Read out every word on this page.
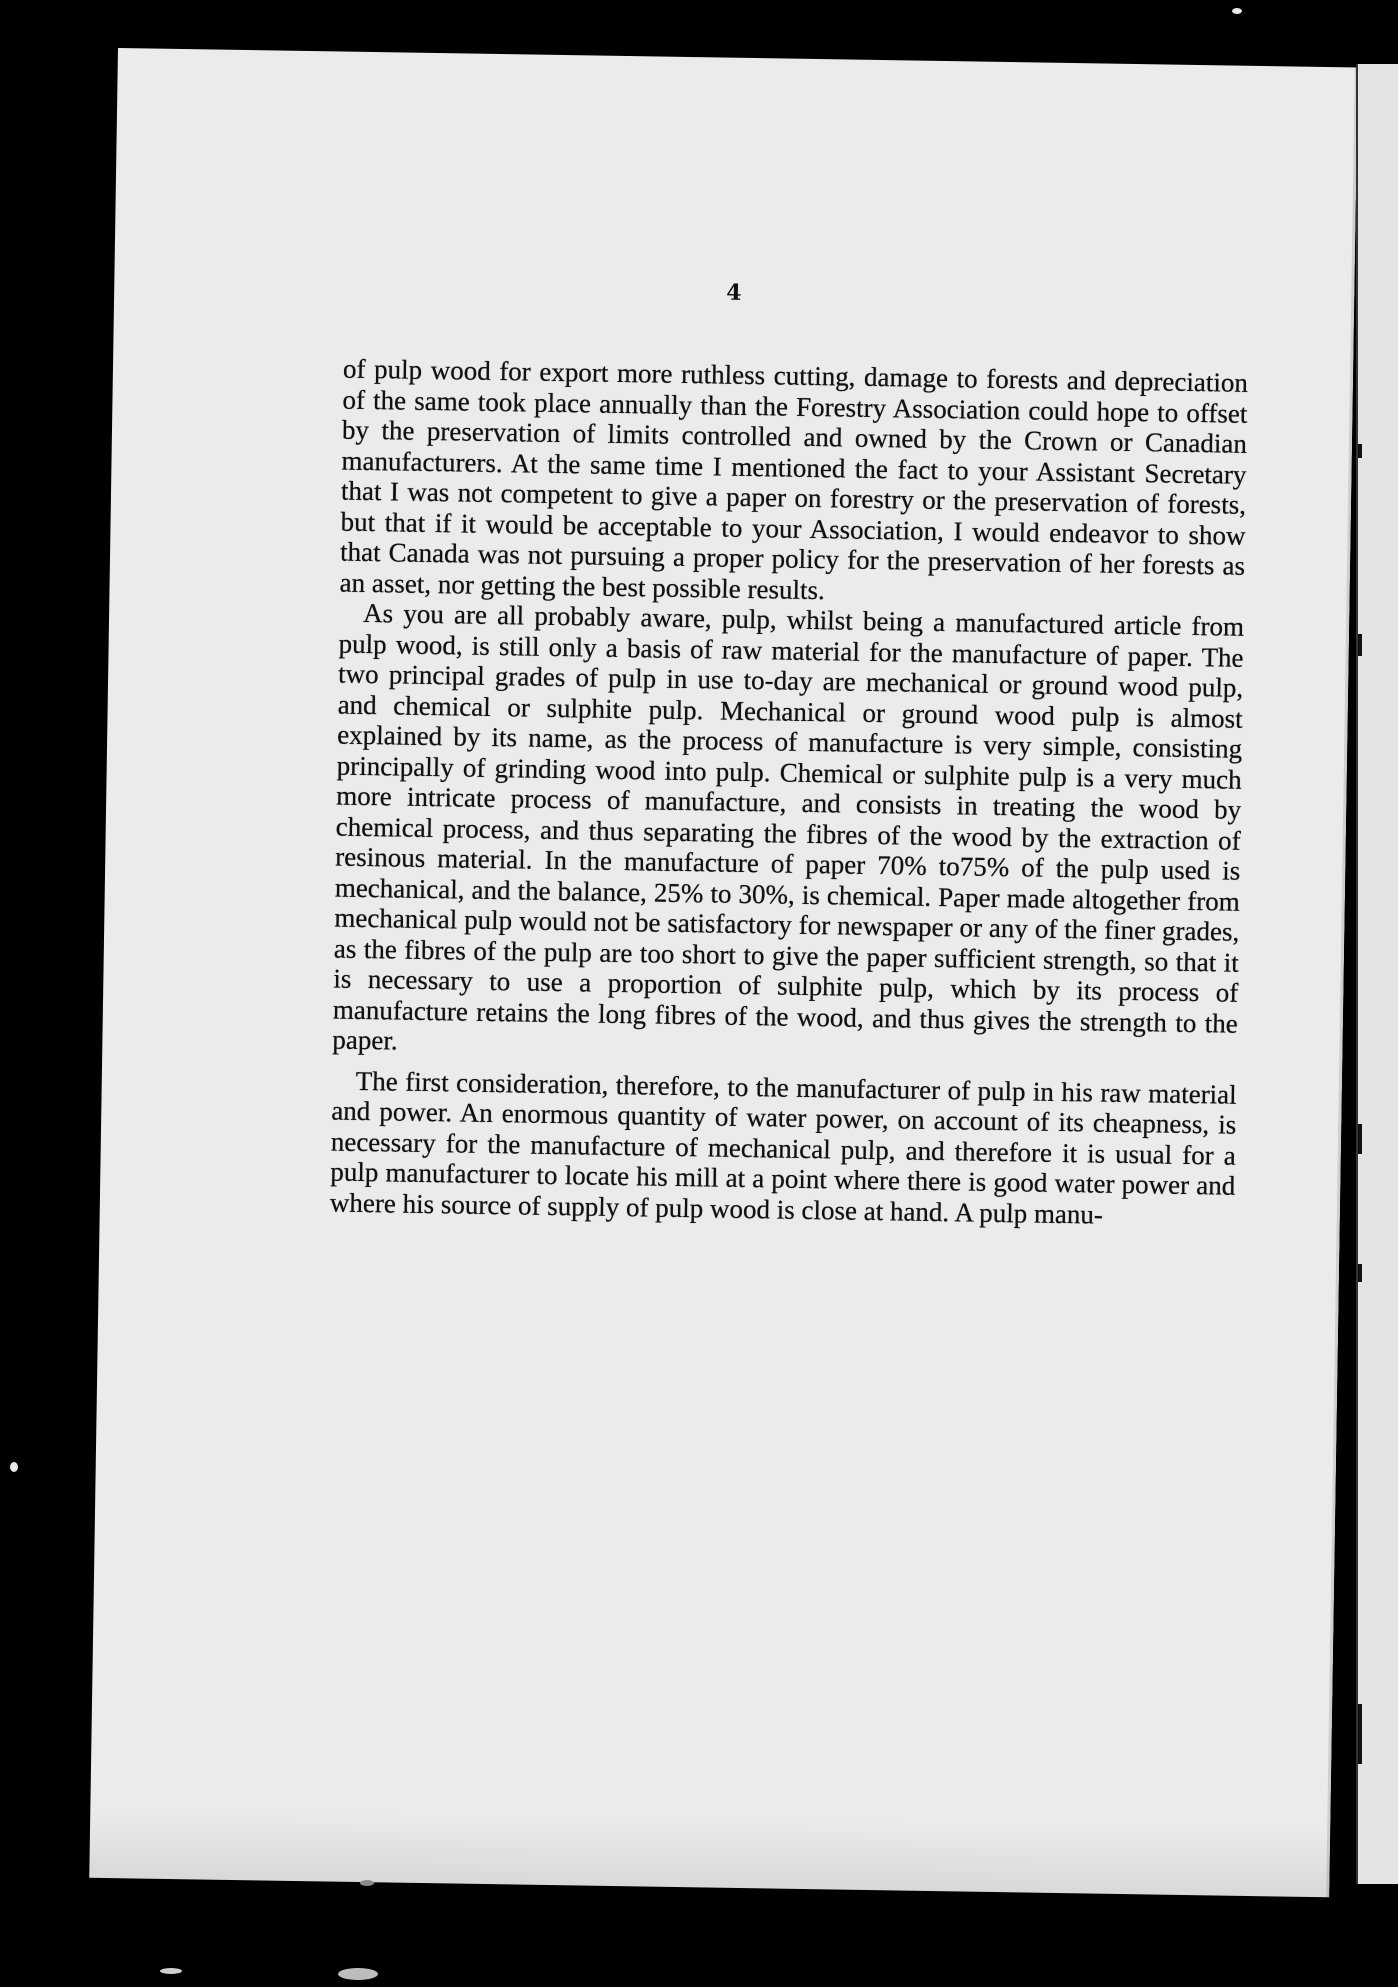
4

of pulp wood for export more ruthless cutting, damage to forests and depreciation of the same took place annually than the Forestry Association could hope to offset by the preservation of limits controlled and owned by the Crown or Canadian manufacturers. At the same time I mentioned the fact to your Assistant Secretary that I was not competent to give a paper on forestry or the preservation of forests, but that if it would be acceptable to your Association, I would endeavor to show that Canada was not pursuing a proper policy for the preservation of her forests as an asset, nor getting the best possible results.

As you are all probably aware, pulp, whilst being a manufactured article from pulp wood, is still only a basis of raw material for the manufacture of paper. The two principal grades of pulp in use to-day are mechanical or ground wood pulp, and chemical or sulphite pulp. Mechanical or ground wood pulp is almost explained by its name, as the process of manufacture is very simple, consisting principally of grinding wood into pulp. Chemical or sulphite pulp is a very much more intricate process of manufacture, and consists in treating the wood by chemical process, and thus separating the fibres of the wood by the extraction of resinous material. In the manufacture of paper 70% to75% of the pulp used is mechanical, and the balance, 25% to 30%, is chemical. Paper made altogether from mechanical pulp would not be satisfactory for newspaper or any of the finer grades, as the fibres of the pulp are too short to give the paper sufficient strength, so that it is necessary to use a proportion of sulphite pulp, which by its process of manufacture retains the long fibres of the wood, and thus gives the strength to the paper.

The first consideration, therefore, to the manufacturer of pulp in his raw material and power. An enormous quantity of water power, on account of its cheapness, is necessary for the manufacture of mechanical pulp, and therefore it is usual for a pulp manufacturer to locate his mill at a point where there is good water power and where his source of supply of pulp wood is close at hand. A pulp manu-
